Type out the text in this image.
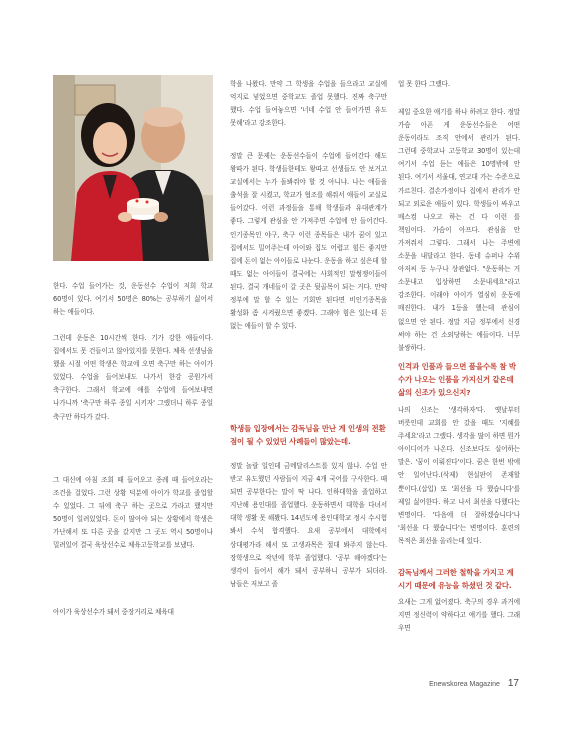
한다. 수업 들어가는 것, 운동선수 수업이 저희 학교 60명이 있다. 여기서 50명은 80%는 공부하기 싫어서 하는 애들이다.

그런데 운동은 10시간씩 한다. 기가 강한 애들이다. 집에서도 못 건들이고 않아있지를 못한다. 체육 선생님을 했을 시절 어떤 학생은 학교에 오면 축구만 하는 아이가 있었다. 수업을 들어보내도 나가서 한강 공원가서 축구한다. 그래서 학교에 애를 수업에 들여보내면 나가니까 '축구만 하루 종일 시키자' 그랬더니 하루 종일 축구만 하다가 갔다.

그 대신에 아침 조회 때 들어오고 종례 때 들어오라는 조건을 걸었다. 그런 상황 덕분에 아이가 학교를 졸업할 수 있었다. 그 뒤에 축구 하는 곳으로 가라고 했지만 50명이 일려있었다. 돈이 많아야 되는 상황에서 학생은 가난해서 또 다른 곳을 갔지만 그 곳도 역시 50명이나 밀려있어 결국 육상선수로 체육고등학교를 보냈다.

아이가 육상선수가 돼서 중장거리로 체육대

학을 나왔다. 만약 그 학생을 수업을 들으라고 교실에 억지로 넣었으면 중학교도 졸업 못했다. 진짜 축구만 했다. 수업 들여놓으면 '너네 수업 안 들어가면 유도 못해'라고 강조한다.

정말 큰 문제는 운동선수들이 수업에 들어간다 해도 왕따가 된다. 학생들한테도 왕따고 선생들도 안 보거고 교실에서는 누가 돌봐줘야 할 것 아니냐. 나는 애들을 출석을 잘 시켰고, 학교가 협조를 해줘서 애들이 교실로 들어갔다. 이런 과정들을 통해 학생들과 유대관계가 좋다. 그렇게 관심을 안 가져주면 수업에 안 들어간다. 인기종목인 야구, 축구 이런 종목들은 내가 꿈이 있고 집에서도 밀어주는데 아이와 집도 어렵고 힘든 좋지만 집에 돈이 없는 아이들로 나눈다. 운동을 하고 싶은데 할 때도 없는 아이들이 결국에는 사회적인 말썽쟁이들이 된다. 결국 개네들이 갈 곳은 뒷골목이 되는 거다. 만약 정부에 말 할 수 있는 기회만 된다면 비인기종목을 활성화 좀 시켜줬으면 좋겠다. 그래야 힘은 있는데 돈 없는 애들이 할 수 있다.

학생들 입장에서는 감독님을 만난 게 인생의 전환점이 될 수 있었던 사례들이 많았는데.

정말 놀랄 일인데 금메달리스트를 있지 않나. 수업 안 받고 유도했던 사람들이 지금 4개 국어를 구사한다. 때 되면 공부한다는 말이 딱 나다. 인하대학을 졸업하고 지난해 용인대를 졸업했다. 운동하면서 대학을 다녀서 대학 생활 못 해봤다. 14년도에 용인대학교 정시 수시험 봐서 수석 합격했다. 요새 공부에서 대학에서 상대평가라 해서 또 고생과목은 절대 봐주지 않는다. 장학생으로 작년에 학부 졸업했다. '공부 해야겠다'는 생각이 들어서 해가 돼서 공부하니 공부가 되더라. 남들은 저보고 졸

업 못 한다 그랬다.

제일 중요한 얘기를 하나 하려고 한다. 정말 가슴 아픈 게 운동선수들은 어떤 운동이라도 조직 안에서 관리가 된다. 그런데 중학교나 고등학교 30명이 있는데 여기서 수업 듣는 애들은 10명밖에 안 된다. 여기서 서울대, 연고대 가는 수준으로 가르친다. 결손가정이나 집에서 관리가 안 되고 외로운 애들이 있다. 학생들이 싸우고 매스컴 나오고 하는 건 다 이런 를 책임이다. 가슴이 아프다. 관심을 안 가져줘서 그렇다. 그래서 나는 주변에 소문을 내달라고 한다. 동네 슈퍼나 수위 아저씨 등 누구나 상관없다. "운동하는 거 소문내고 입상하면 소문내세요"라고 강조한다. 이래야 아이가 열심히 운동에 매진한다. 내가 1등을 했는데 관심이 없으면 안 된다. 정말 지금 정부에서 신경 써야 하는 건 소외당하는 애들이다. 너무 불쌍하다.

인격과 인품과 들으면 품을수록 참 박수가 나오는 인품을 가지신거 같은데 삶의 신조가 있으신지?

나의 신조는 '생각하자'다. 옛날부터 버릇인데 교회를 안 갔을 때도 '지혜를 주세요'라고 그랬다. 생각을 많이 하면 뭔가 아이디어가 나온다. 신조보다도 실어하는 말은. '꿈이 이뤄진다'이다. 꿈은 한번 밖에 안 일어난다.(삭제) 현실판이 존재할 뿐이다.(삽입) 또 '최선을 다 했습니다'를 제일 싫어한다. 하고 나서 최선을 다했다는 변명이다. '다음에 더 잘하겠습니다'나 '최선을 다 했습니다'는 변명이다. 훈련의 목적은 최선을 올리는데 있다.

감독님께서 그러한 철학을 가지고 계시기 때문에 유능을 하셨던 것 같다.

요새는 그게 없어졌다. 축구의 경우 과거에 지면 정신력이 약하다고 얘기를 했다. 그래 우면

Enewskorea Magazine 17
